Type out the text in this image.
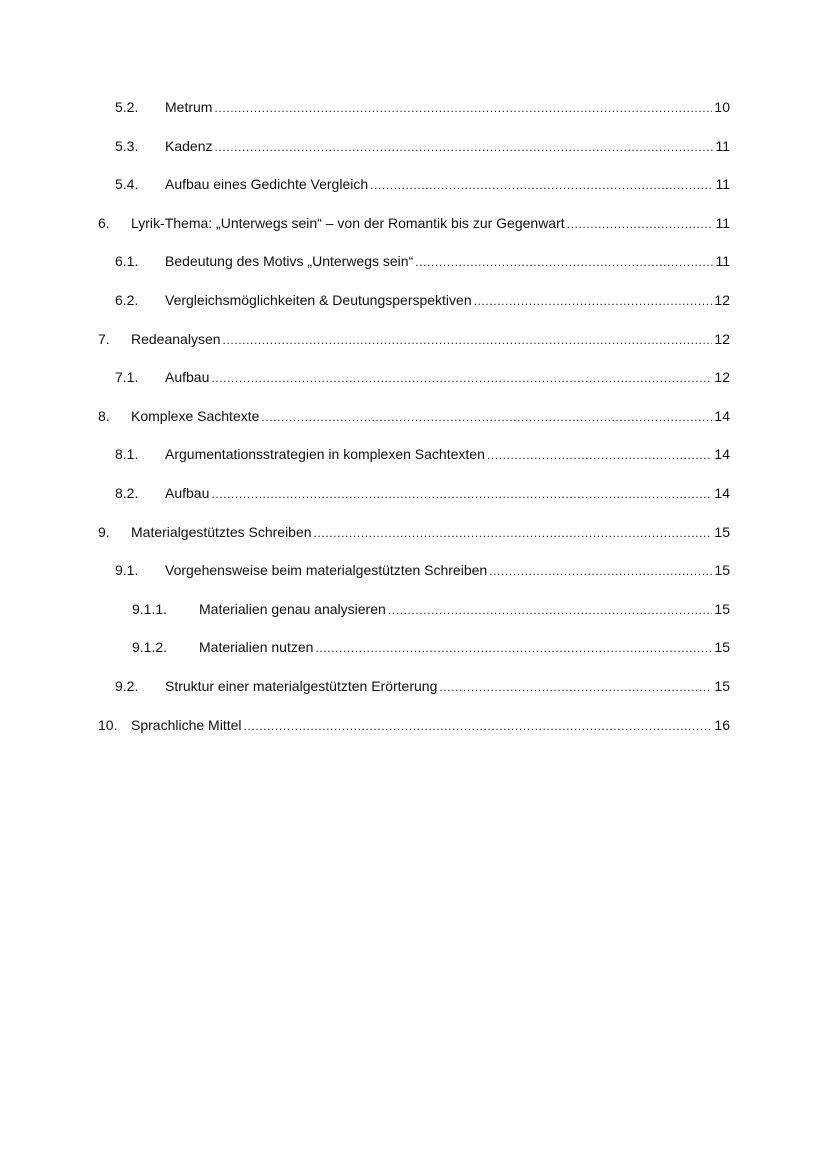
5.2.	Metrum .....	10
5.3.	Kadenz .....	11
5.4.	Aufbau eines Gedichte Vergleich .....	11
6.	Lyrik-Thema: „Unterwegs sein“ – von der Romantik bis zur Gegenwart .....	11
6.1.	Bedeutung des Motivs „Unterwegs sein“ .....	11
6.2.	Vergleichsmöglichkeiten & Deutungsperspektiven .....	12
7.	Redeanalysen .....	12
7.1.	Aufbau .....	12
8.	Komplexe Sachtexte .....	14
8.1.	Argumentationsstrategien in komplexen Sachtexten .....	14
8.2.	Aufbau .....	14
9.	Materialgestütztes Schreiben .....	15
9.1.	Vorgehensweise beim materialgestützten Schreiben .....	15
9.1.1.	Materialien genau analysieren .....	15
9.1.2.	Materialien nutzen .....	15
9.2.	Struktur einer materialgestützten Erörterung .....	15
10. Sprachliche Mittel .....	16
